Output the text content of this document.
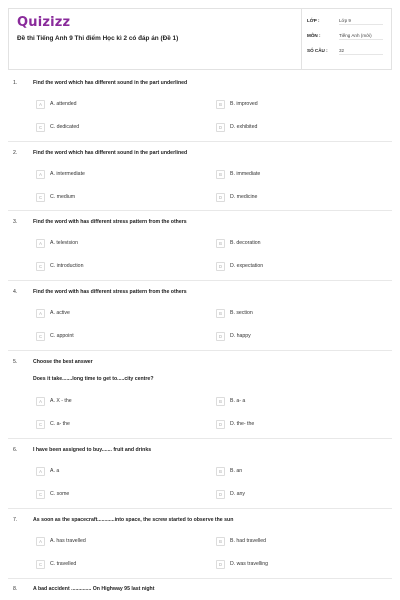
Quizizz
Đề thi Tiếng Anh 9 Thi điểm Học kì 2 có đáp án (Đề 1)
LỚP :	Lớp 9
MÔN :	Tiếng Anh (mới)
SỐ CÂU : 32
1.	Find the word which has different sound in the part underlined
A	A. attended	B	B. improved
C	C. dedicated	D	D. exhibited
2.	Find the word which has different sound in the part underlined
A	A. intermediate	B	B. immediate
C	C. medium	D	D. medicine
3.	Find the word with has different stress pattern from the others
A	A. television	B	B. decoration
C	C. introduction	D	D. expectation
4.	Find the word with has different stress pattern from the others
A	A. active	B	B. section
C	C. appoint	D	D. happy
5.	Choose the best answer
Does it take.......long time to get to.....city centre?
A	A. X - the	B	B. a- a
C	C. a- the	D	D. the- the
6.	I have been assigned to buy....... fruit and drinks
A	A. a	B	B. an
C	C. some	D	D. any
7.	As soon as the spacecraft............into space, the screw started to observe the sun
A	A. has travelled	B	B. had travelled
C	C. travelled	D	D. was travelling
8.	A bad accident .............. On Highway 95 last night
